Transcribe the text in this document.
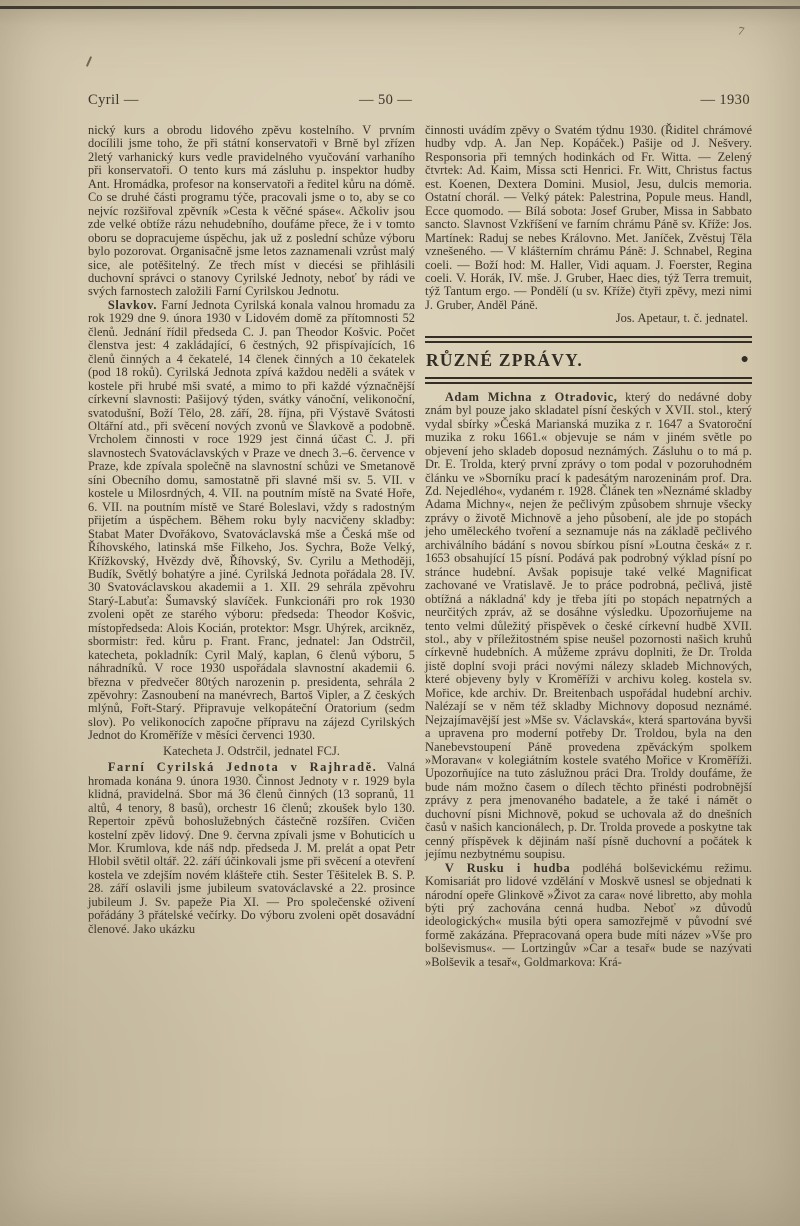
7
Cyril —	— 50 —	— 1930

nický kurs a obrodu lidového zpěvu kostelního. V prvním docílili jsme toho, že při státní konservatoři v Brně byl zřízen 2letý varhanický kurs vedle pravidelného vyučování varhaního při konservatoři. O tento kurs má zásluhu p. inspektor hudby Ant. Hromádka, profesor na konservatoři a ředitel kůru na dómě. Co se druhé části programu týče, pracovali jsme o to, aby se co nejvíc rozšiřoval zpěvník »Cesta k věčné spáse«. Ačkoliv jsou zde velké obtíže rázu nehudebního, doufáme přece, že i v tomto oboru se dopracujeme úspěchu, jak už z poslední schůze výboru bylo pozorovat. Organisačně jsme letos zaznamenali vzrůst malý sice, ale potěšitelný. Ze třech míst v diecési se přihlásili duchovní správci o stanovy Cyrilské Jednoty, neboť by rádi ve svých farnostech založili Farní Cyrilskou Jednotu.

Slavkov. Farní Jednota Cyrilská konala valnou hromadu za rok 1929 dne 9. února 1930 v Lidovém domě za přítomnosti 52 členů. Jednání řídil předseda C. J. pan Theodor Košvic. Počet členstva jest: 4 zakládající, 6 čestných, 92 přispívajících, 16 členů činných a 4 čekatelé, 14 členek činných a 10 čekatelek (pod 18 roků). Cyrilská Jednota zpívá každou neděli a svátek v kostele při hrubé mši svaté, a mimo to při každé význačnější církevní slavnosti: Pašijový týden, svátky vánoční, velikonoční, svatodušní, Boží Tělo, 28. září, 28. října, při Výstavě Svátosti Oltářní atd., při svěcení nových zvonů ve Slavkově a podobně. Vrcholem činnosti v roce 1929 jest činná účast C. J. při slavnostech Svatováclavských v Praze ve dnech 3.–6. července v Praze, kde zpívala společně na slavnostní schůzi ve Smetanově síni Obecního domu, samostatně při slavné mši sv. 5. VII. v kostele u Milosrdných, 4. VII. na poutním místě na Svaté Hoře, 6. VII. na poutním místě ve Staré Boleslavi, vždy s radostným přijetím a úspěchem. Během roku byly nacvičeny skladby: Stabat Mater Dvořákovo, Svatováclavská mše a Česká mše od Říhovského, latinská mše Filkeho, Jos. Sychra, Bože Velký, Křížkovský, Hvězdy dvě, Říhovský, Sv. Cyrilu a Methoději, Budík, Světlý bohatýre a jiné. Cyrilská Jednota pořádala 28. IV. 30 Svatováclavskou akademii a 1. XII. 29 sehrála zpěvohru Starý-Labuťa: Šumavský slavíček. Funkcionáři pro rok 1930 zvoleni opět ze starého výboru: předseda: Theodor Košvic, místopředseda: Alois Kocián, protektor: Msgr. Uhýrek, arcikněz, sbormistr: řed. kůru p. Frant. Franc, jednatel: Jan Odstrčil, katecheta, pokladník: Cyril Malý, kaplan, 6 členů výboru, 5 náhradníků. V roce 1930 uspořádala slavnostní akademii 6. března v předvečer 80tých narozenin p. presidenta, sehrála 2 zpěvohry: Zasnoubení na manévrech, Bartoš Vipler, a Z českých mlýnů, Fořt-Starý. Připravuje velkopáteční Oratorium (sedm slov). Po velikonocích započne přípravu na zájezd Cyrilských Jednot do Kroměříže v měsíci červenci 1930.

Katecheta J. Odstrčil, jednatel FCJ.

Farní Cyrilská Jednota v Rajhradě. Valná hromada konána 9. února 1930. Činnost Jednoty v r. 1929 byla klidná, pravidelná. Sbor má 36 členů činných (13 sopranů, 11 altů, 4 tenory, 8 basů), orchestr 16 členů; zkoušek bylo 130. Repertoir zpěvů bohoslužebných částečně rozšířen. Cvičen kostelní zpěv lidový. Dne 9. června zpívali jsme v Bohuticích u Mor. Krumlova, kde náš ndp. předseda J. M. prelát a opat Petr Hlobil světil oltář. 22. září účinkovali jsme při svěcení a otevření kostela ve zdejším novém klášteře ctih. Sester Těšitelek B. S. P. 28. září oslavili jsme jubileum svatováclavské a 22. prosince jubileum J. Sv. papeže Pia XI. — Pro společenské oživení pořádány 3 přátelské večírky. Do výboru zvoleni opět dosavádní členové. Jako ukázku

činnosti uvádím zpěvy o Svatém týdnu 1930. (Řiditel chrámové hudby vdp. A. Jan Nep. Kopáček.) Pašije od J. Nešvery. Responsoria při temných hodinkách od Fr. Witta. — Zelený čtvrtek: Ad. Kaim, Missa scti Henrici. Fr. Witt, Christus factus est. Koenen, Dextera Domini. Musiol, Jesu, dulcis memoria. Ostatní chorál. — Velký pátek: Palestrina, Popule meus. Handl, Ecce quomodo. — Bílá sobota: Josef Gruber, Missa in Sabbato sancto. Slavnost Vzkříšení ve farním chrámu Páně sv. Kříže: Jos. Martínek: Raduj se nebes Královno. Met. Janíček, Zvěstuj Těla vznešeného. — V klášterním chrámu Páně: J. Schnabel, Regina coeli. — Boží hod: M. Haller, Vidi aquam. J. Foerster, Regina coeli. V. Horák, IV. mše. J. Gruber, Haec dies, týž Terra tremuit, týž Tantum ergo. — Pondělí (u sv. Kříže) čtyři zpěvy, mezi nimi J. Gruber, Anděl Páně.

Jos. Apetaur, t. č. jednatel.

RŮZNÉ ZPRÁVY.	●

Adam Michna z Otradovic, který do nedávné doby znám byl pouze jako skladatel písní českých v XVII. stol., který vydal sbírky »Česká Marianská muzika z r. 1647 a Svatoroční muzika z roku 1661.« objevuje se nám v jiném světle po objevení jeho skladeb doposud neznámých. Zásluhu o to má p. Dr. E. Trolda, který první zprávy o tom podal v pozoruhodném článku ve »Sborníku prací k padesátým narozeninám prof. Dra. Zd. Nejedlého«, vydaném r. 1928. Článek ten »Neznámé skladby Adama Michny«, nejen že pečlivým způsobem shrnuje všecky zprávy o životě Michnově a jeho působení, ale jde po stopách jeho uměleckého tvoření a seznamuje nás na základě pečlivého archiválního bádání s novou sbírkou písní »Loutna česká« z r. 1653 obsahující 15 písní. Podává pak podrobný výklad písní po stránce hudební. Avšak popisuje také velké Magnificat zachované ve Vratislavě. Je to práce podrobná, pečlivá, jistě obtížná a nákladná' kdy je třeba jíti po stopách nepatrných a neurčitých zpráv, až se dosáhne výsledku. Upozorňujeme na tento velmi důležitý přispěvek o české církevní hudbě XVII. stol., aby v příležitostném spise neušel pozornosti našich kruhů církevně hudebních. A můžeme zprávu doplniti, že Dr. Trolda jistě doplní svoji práci novými nálezy skladeb Michnových, které objeveny byly v Kroměříži v archivu koleg. kostela sv. Mořice, kde archiv. Dr. Breitenbach uspořádal hudební archiv. Nalézají se v něm též skladby Michnovy doposud neznámé. Nejzajímavější jest »Mše sv. Václavská«, která spartována byvši a upravena pro moderní potřeby Dr. Troldou, byla na den Nanebevstoupení Páně provedena zpěváckým spolkem »Moravan« v kolegiátním kostele svatého Mořice v Kroměříži. Upozorňujíce na tuto záslužnou práci Dra. Troldy doufáme, že bude nám možno časem o dílech těchto přinésti podrobnější zprávy z pera jmenovaného badatele, a že také i námět o duchovní písni Michnově, pokud se uchovala až do dnešních časů v našich kancionálech, p. Dr. Trolda provede a poskytne tak cenný příspěvek k dějinám naší písně duchovní a počátek k jejímu nezbytnému soupisu.

V Rusku i hudba podléhá bolševickému režimu. Komisariát pro lidové vzdělání v Moskvě usnesl se objednati k národní opeře Glinkově »Život za cara« nové libretto, aby mohla býti prý zachována cenná hudba. Neboť »z důvodů ideologických« musila býti opera samozřejmě v původní své formě zakázána. Přepracovaná opera bude míti název »Vše pro bolševismus«. — Lortzingův »Car a tesař« bude se nazývati »Bolševik a tesař«, Goldmarkova: Krá-
